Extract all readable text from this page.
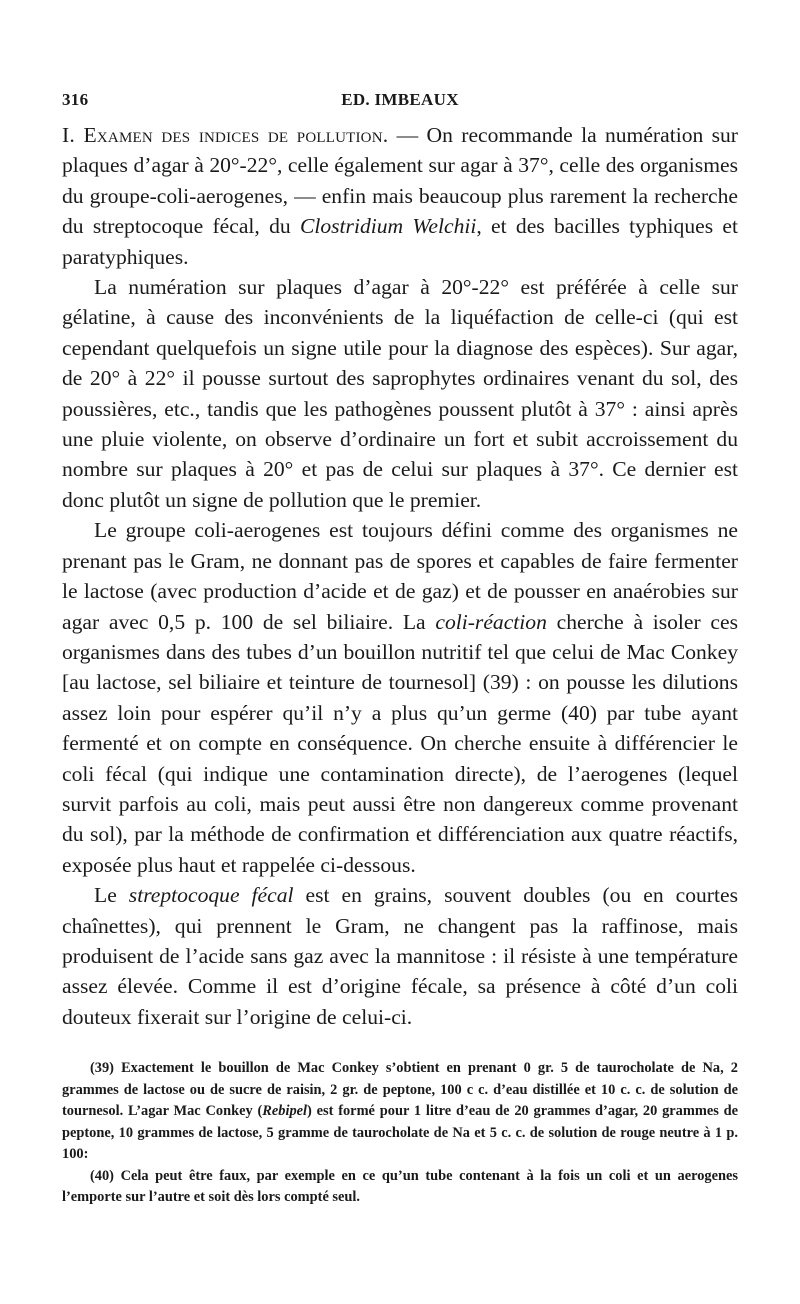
316	ED. IMBEAUX

I. Examen des indices de pollution. — On recommande la numération sur plaques d’agar à 20°-22°, celle également sur agar à 37°, celle des organismes du groupe-coli-aerogenes, — enfin mais beaucoup plus rarement la recherche du streptocoque fécal, du Clostridium Welchii, et des bacilles typhiques et paratyphiques.

La numération sur plaques d’agar à 20°-22° est préférée à celle sur gélatine, à cause des inconvénients de la liquéfaction de celle-ci (qui est cependant quelquefois un signe utile pour la diagnose des espèces). Sur agar, de 20° à 22° il pousse surtout des saprophytes ordinaires venant du sol, des poussières, etc., tandis que les pathogènes poussent plutôt à 37° : ainsi après une pluie violente, on observe d’ordinaire un fort et subit accroissement du nombre sur plaques à 20° et pas de celui sur plaques à 37°. Ce dernier est donc plutôt un signe de pollution que le premier.

Le groupe coli-aerogenes est toujours défini comme des organismes ne prenant pas le Gram, ne donnant pas de spores et capables de faire fermenter le lactose (avec production d’acide et de gaz) et de pousser en anaérobies sur agar avec 0,5 p. 100 de sel biliaire. La coli-réaction cherche à isoler ces organismes dans des tubes d’un bouillon nutritif tel que celui de Mac Conkey [au lactose, sel biliaire et teinture de tournesol] (39) : on pousse les dilutions assez loin pour espérer qu’il n’y a plus qu’un germe (40) par tube ayant fermenté et on compte en conséquence. On cherche ensuite à différencier le coli fécal (qui indique une contamination directe), de l’aerogenes (lequel survit parfois au coli, mais peut aussi être non dangereux comme provenant du sol), par la méthode de confirmation et différenciation aux quatre réactifs, exposée plus haut et rappelée ci-dessous.

Le streptocoque fécal est en grains, souvent doubles (ou en courtes chaînettes), qui prennent le Gram, ne changent pas la raffinose, mais produisent de l’acide sans gaz avec la mannitose : il résiste à une température assez élevée. Comme il est d’origine fécale, sa présence à côté d’un coli douteux fixerait sur l’origine de celui-ci.

(39) Exactement le bouillon de Mac Conkey s’obtient en prenant 0 gr. 5 de taurocholate de Na, 2 grammes de lactose ou de sucre de raisin, 2 gr. de peptone, 100 c c. d’eau distillée et 10 c. c. de solution de tournesol. L’agar Mac Conkey (Rebipel) est formé pour 1 litre d’eau de 20 grammes d’agar, 20 grammes de peptone, 10 grammes de lactose, 5 gramme de taurocholate de Na et 5 c. c. de solution de rouge neutre à 1 p. 100:

(40) Cela peut être faux, par exemple en ce qu’un tube contenant à la fois un coli et un aerogenes l’emporte sur l’autre et soit dès lors compté seul.
